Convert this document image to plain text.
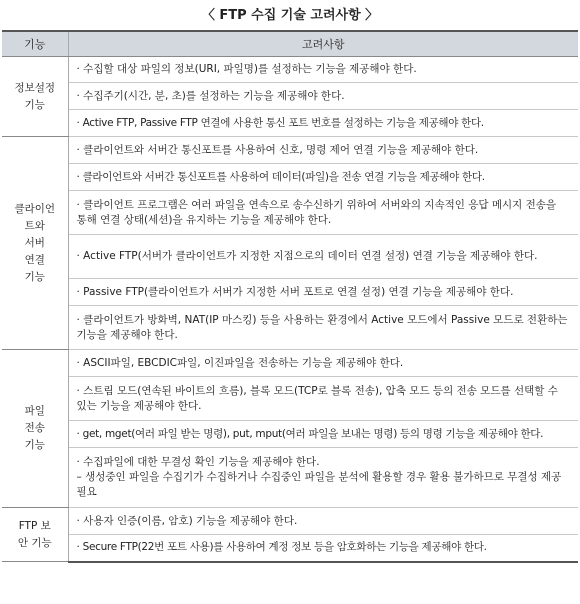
〈 FTP 수집 기술 고려사항 〉
기능	고려사항

정보설정
기능	· 수집할 대상 파일의 정보(URI, 파일명)를 설정하는 기능을 제공해야 한다.
	· 수집주기(시간, 분, 초)를 설정하는 기능을 제공해야 한다.
	· Active FTP, Passive FTP 연결에 사용한 통신 포트 번호를 설정하는 기능을 제공해야 한다.

클라이언
트와
서버
연결
기능	· 클라이언트와 서버간 통신포트를 사용하여 신호, 명령 제어 연결 기능을 제공해야 한다.
	· 클라이언트와 서버간 통신포트를 사용하여 데이터(파일)을 전송 연결 기능을 제공해야 한다.
	· 클라이언트 프로그램은 여러 파일을 연속으로 송수신하기 위하여 서버와의 지속적인 응답 메시지 전송을 통해 연결 상태(세션)을 유지하는 기능을 제공해야 한다.
	· Active FTP(서버가 클라이언트가 지정한 지점으로의 데이터 연결 설정) 연결 기능을 제공해야 한다.
	· Passive FTP(클라이언트가 서버가 지정한 서버 포트로 연결 설정) 연결 기능을 제공해야 한다.
	· 클라이언트가 방화벽, NAT(IP 마스킹) 등을 사용하는 환경에서 Active 모드에서 Passive 모드로 전환하는 기능을 제공해야 한다.

파일
전송
기능	· ASCII파일, EBCDIC파일, 이진파일을 전송하는 기능을 제공해야 한다.
	· 스트림 모드(연속된 바이트의 흐름), 블록 모드(TCP로 블록 전송), 압축 모드 등의 전송 모드를 선택할 수 있는 기능을 제공해야 한다.
	· get, mget(여러 파일 받는 명령), put, mput(여러 파일을 보내는 명령) 등의 명령 기능을 제공해야 한다.

	· 수집파일에 대한 무결성 확인 기능을 제공해야 한다.
– 생성중인 파일을 수집기가 수집하거나 수집중인 파일을 분석에 활용할 경우 활용 불가하므로 무결성 제공 필요

FTP 보
안 기능	· 사용자 인증(이름, 암호) 기능을 제공해야 한다.
	· Secure FTP(22번 포트 사용)를 사용하여 계정 정보 등을 암호화하는 기능을 제공해야 한다.
